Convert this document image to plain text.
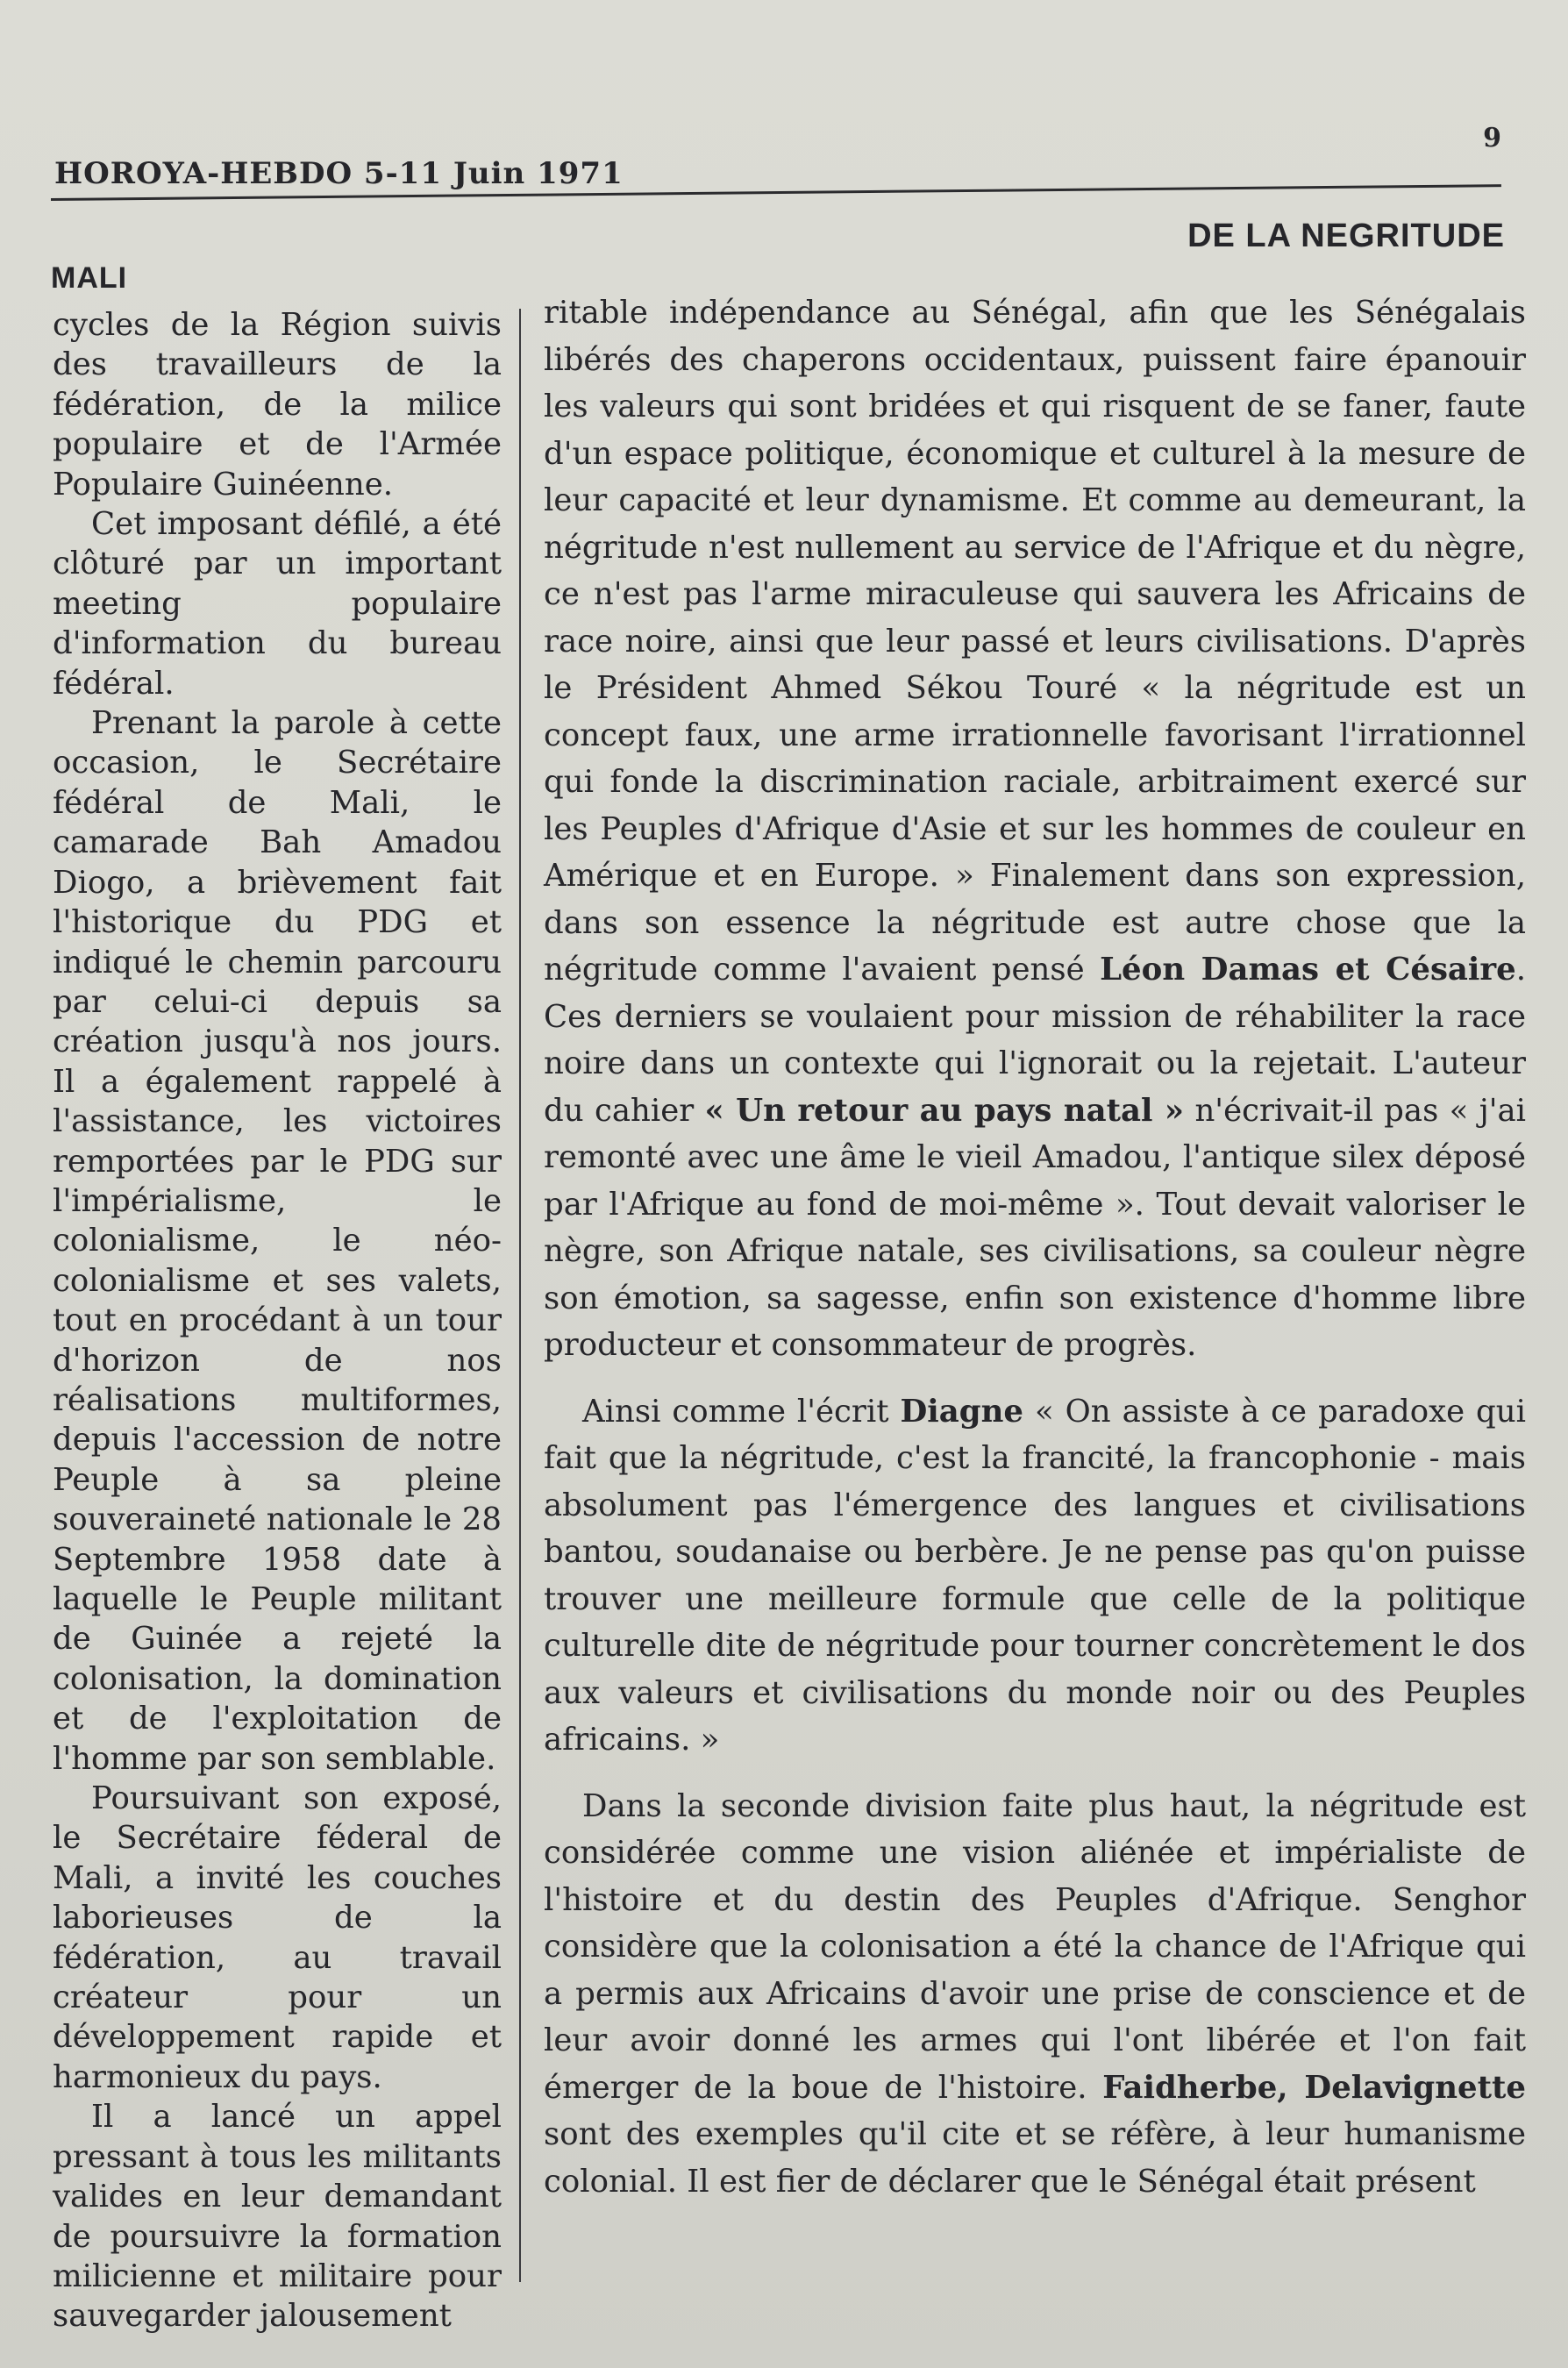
HOROYA-HEBDO 5-11 Juin 1971
9
MALI
DE LA NEGRITUDE

cycles de la Région suivis des travailleurs de la fédération, de la milice populaire et de l'Armée Populaire Guinéenne.

Cet imposant défilé, a été clôturé par un important meeting populaire d'information du bureau fédéral.

Prenant la parole à cette occasion, le Secrétaire fédéral de Mali, le camarade Bah Amadou Diogo, a brièvement fait l'historique du PDG et indiqué le chemin parcouru par celui-ci depuis sa création jusqu'à nos jours. Il a également rappelé à l'assistance, les victoires remportées par le PDG sur l'impérialisme, le colonialisme, le néo-colonialisme et ses valets, tout en procédant à un tour d'horizon de nos réalisations multiformes, depuis l'accession de notre Peuple à sa pleine souveraineté nationale le 28 Septembre 1958 date à laquelle le Peuple militant de Guinée a rejeté la colonisation, la domination et de l'exploitation de l'homme par son semblable.

Poursuivant son exposé, le Secrétaire féderal de Mali, a invité les couches laborieuses de la fédération, au travail créateur pour un développement rapide et harmonieux du pays.

Il a lancé un appel pressant à tous les militants valides en leur demandant de poursuivre la formation milicienne et militaire pour sauvegarder jalousement

ritable indépendance au Sénégal, afin que les Sénégalais libérés des chaperons occidentaux, puissent faire épanouir les valeurs qui sont bridées et qui risquent de se faner, faute d'un espace politique, économique et culturel à la mesure de leur capacité et leur dynamisme. Et comme au demeurant, la négritude n'est nullement au service de l'Afrique et du nègre, ce n'est pas l'arme miraculeuse qui sauvera les Africains de race noire, ainsi que leur passé et leurs civilisations. D'après le Président Ahmed Sékou Touré « la négritude est un concept faux, une arme irrationnelle favorisant l'irrationnel qui fonde la discrimination raciale, arbitraiment exercé sur les Peuples d'Afrique d'Asie et sur les hommes de couleur en Amérique et en Europe. » Finalement dans son expression, dans son essence la négritude est autre chose que la négritude comme l'avaient pensé Léon Damas et Césaire. Ces derniers se voulaient pour mission de réhabiliter la race noire dans un contexte qui l'ignorait ou la rejetait. L'auteur du cahier « Un retour au pays natal » n'écrivait-il pas « j'ai remonté avec une âme le vieil Amadou, l'antique silex déposé par l'Afrique au fond de moi-même ». Tout devait valoriser le nègre, son Afrique natale, ses civilisations, sa couleur nègre son émotion, sa sagesse, enfin son existence d'homme libre producteur et consommateur de progrès.

Ainsi comme l'écrit Diagne « On assiste à ce paradoxe qui fait que la négritude, c'est la francité, la francophonie - mais absolument pas l'émergence des langues et civilisations bantou, soudanaise ou berbère. Je ne pense pas qu'on puisse trouver une meilleure formule que celle de la politique culturelle dite de négritude pour tourner concrètement le dos aux valeurs et civilisations du monde noir ou des Peuples africains. »

Dans la seconde division faite plus haut, la négritude est considérée comme une vision aliénée et impérialiste de l'histoire et du destin des Peuples d'Afrique. Senghor considère que la colonisation a été la chance de l'Afrique qui a permis aux Africains d'avoir une prise de conscience et de leur avoir donné les armes qui l'ont libérée et l'on fait émerger de la boue de l'histoire. Faidherbe, Delavignette sont des exemples qu'il cite et se réfère, à leur humanisme colonial. Il est fier de déclarer que le Sénégal était présent
